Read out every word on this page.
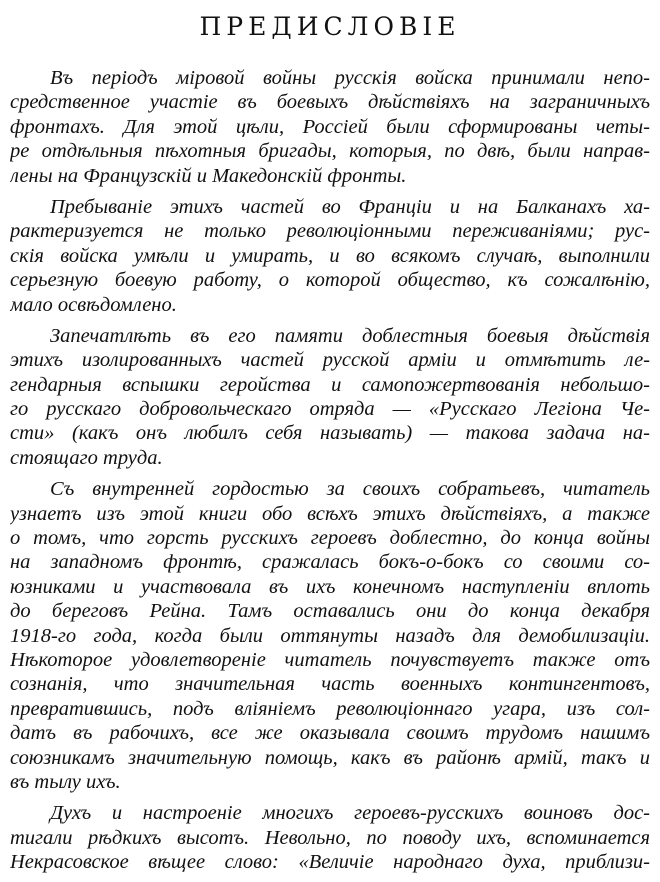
ПРЕДИСЛОВІЕ
Въ періодъ міровой войны русскія войска принимали непо-
средственное участіе въ боевыхъ дѣйствіяхъ на заграничныхъ
фронтахъ. Для этой цѣли, Россіей были сформированы четы-
ре отдѣльныя пѣхотныя бригады, которыя, по двѣ, были направ-
лены на Французскій и Македонскій фронты.
Пребываніе этихъ частей во Франціи и на Балканахъ ха-
рактеризуется не только революціонными переживаніями; рус-
скія войска умѣли и умирать, и во всякомъ случаѣ, выполнили
серьезную боевую работу, о которой общество, къ сожалѣнію,
мало освѣдомлено.
Запечатлѣть въ его памяти доблестныя боевыя дѣйствія
этихъ изолированныхъ частей русской арміи и отмѣтить ле-
гендарныя вспышки геройства и самопожертвованія небольшо-
го русскаго добровольческаго отряда — «Русскаго Легіона Че-
сти» (какъ онъ любилъ себя называть) — такова задача на-
стоящаго труда.
Съ внутренней гордостью за своихъ собратьевъ, читатель
узнаетъ изъ этой книги обо всѣхъ этихъ дѣйствіяхъ, а также
о томъ, что горсть русскихъ героевъ доблестно, до конца войны
на западномъ фронтѣ, сражалась бокъ-о-бокъ со своими со-
юзниками и участвовала въ ихъ конечномъ наступленіи вплоть
до береговъ Рейна. Тамъ оставались они до конца декабря
1918-го года, когда были оттянуты назадъ для демобилизаціи.
Нѣкоторое удовлетвореніе читатель почувствуетъ также отъ
сознанія, что значительная часть военныхъ контингентовъ,
превратившись, подъ вліяніемъ революціоннаго угара, изъ сол-
датъ въ рабочихъ, все же оказывала своимъ трудомъ нашимъ
союзникамъ значительную помощь, какъ въ районѣ армій, такъ и
въ тылу ихъ.
Духъ и настроеніе многихъ героевъ-русскихъ воиновъ дос-
тигали рѣдкихъ высотъ. Невольно, по поводу ихъ, вспоминается
Некрасовское вѣщее слово: «Величіе народнаго духа, приблизи-
